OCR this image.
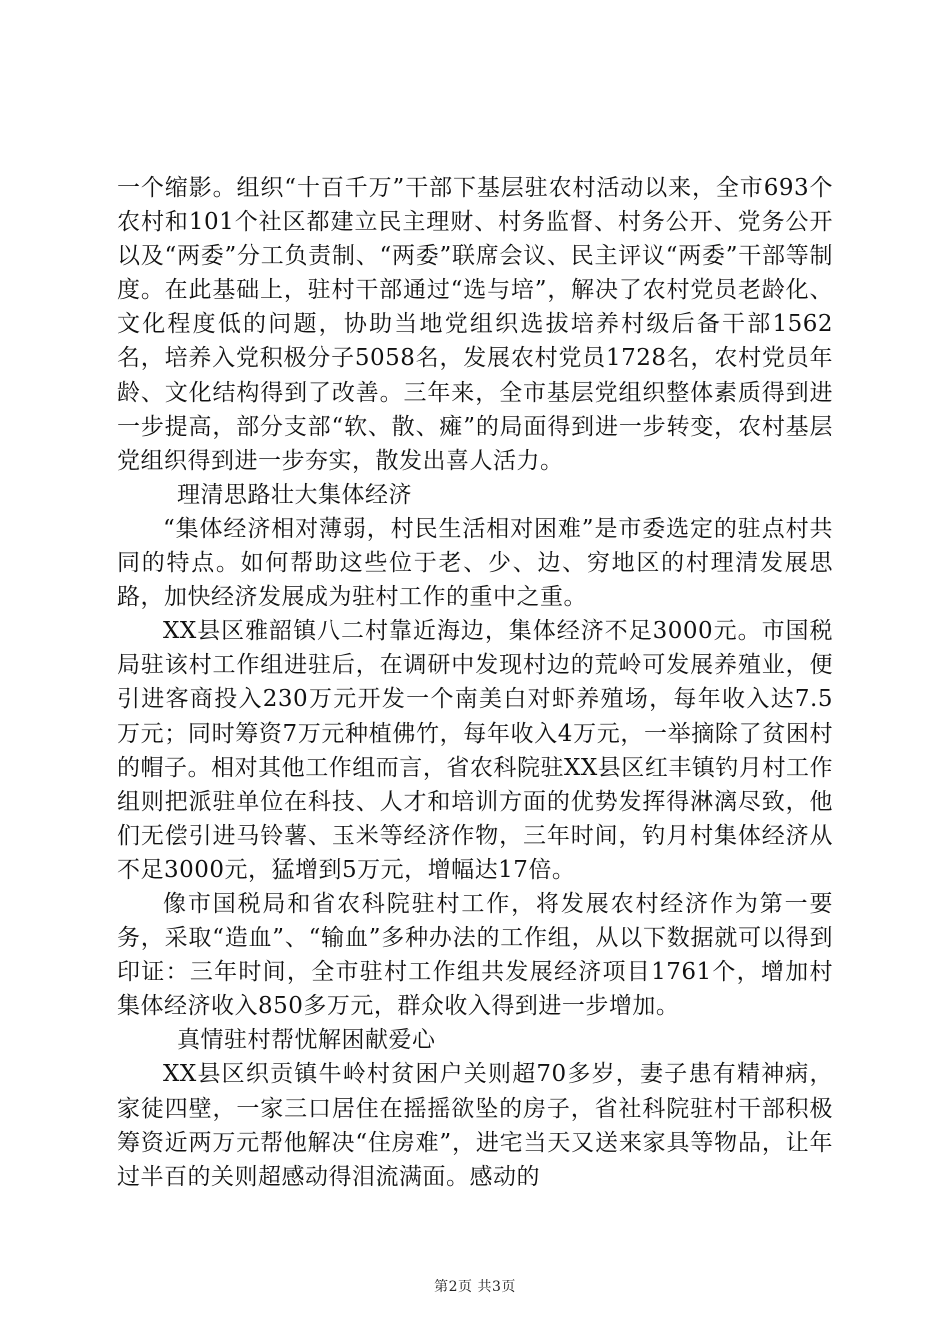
一个缩影。组织“十百千万”干部下基层驻农村活动以来，全市693个农村和101个社区都建立民主理财、村务监督、村务公开、党务公开以及“两委”分工负责制、“两委”联席会议、民主评议“两委”干部等制度。在此基础上，驻村干部通过“选与培”，解决了农村党员老龄化、文化程度低的问题，协助当地党组织选拔培养村级后备干部1562名，培养入党积极分子5058名，发展农村党员1728名，农村党员年龄、文化结构得到了改善。三年来，全市基层党组织整体素质得到进一步提高，部分支部“软、散、瘫”的局面得到进一步转变，农村基层党组织得到进一步夯实，散发出喜人活力。

理清思路壮大集体经济

“集体经济相对薄弱，村民生活相对困难”是市委选定的驻点村共同的特点。如何帮助这些位于老、少、边、穷地区的村理清发展思路，加快经济发展成为驻村工作的重中之重。

XX县区雅韶镇八二村靠近海边，集体经济不足3000元。市国税局驻该村工作组进驻后，在调研中发现村边的荒岭可发展养殖业，便引进客商投入230万元开发一个南美白对虾养殖场，每年收入达7.5万元；同时筹资7万元种植佛竹，每年收入4万元，一举摘除了贫困村的帽子。相对其他工作组而言，省农科院驻XX县区红丰镇钓月村工作组则把派驻单位在科技、人才和培训方面的优势发挥得淋漓尽致，他们无偿引进马铃薯、玉米等经济作物，三年时间，钓月村集体经济从不足3000元，猛增到5万元，增幅达17倍。

像市国税局和省农科院驻村工作，将发展农村经济作为第一要务，采取“造血”、“输血”多种办法的工作组，从以下数据就可以得到印证：三年时间，全市驻村工作组共发展经济项目1761个，增加村集体经济收入850多万元，群众收入得到进一步增加。

真情驻村帮忧解困献爱心

XX县区织贡镇牛岭村贫困户关则超70多岁，妻子患有精神病，家徒四壁，一家三口居住在摇摇欲坠的房子，省社科院驻村干部积极筹资近两万元帮他解决“住房难”，进宅当天又送来家具等物品，让年过半百的关则超感动得泪流满面。感动的

第2页 共3页
